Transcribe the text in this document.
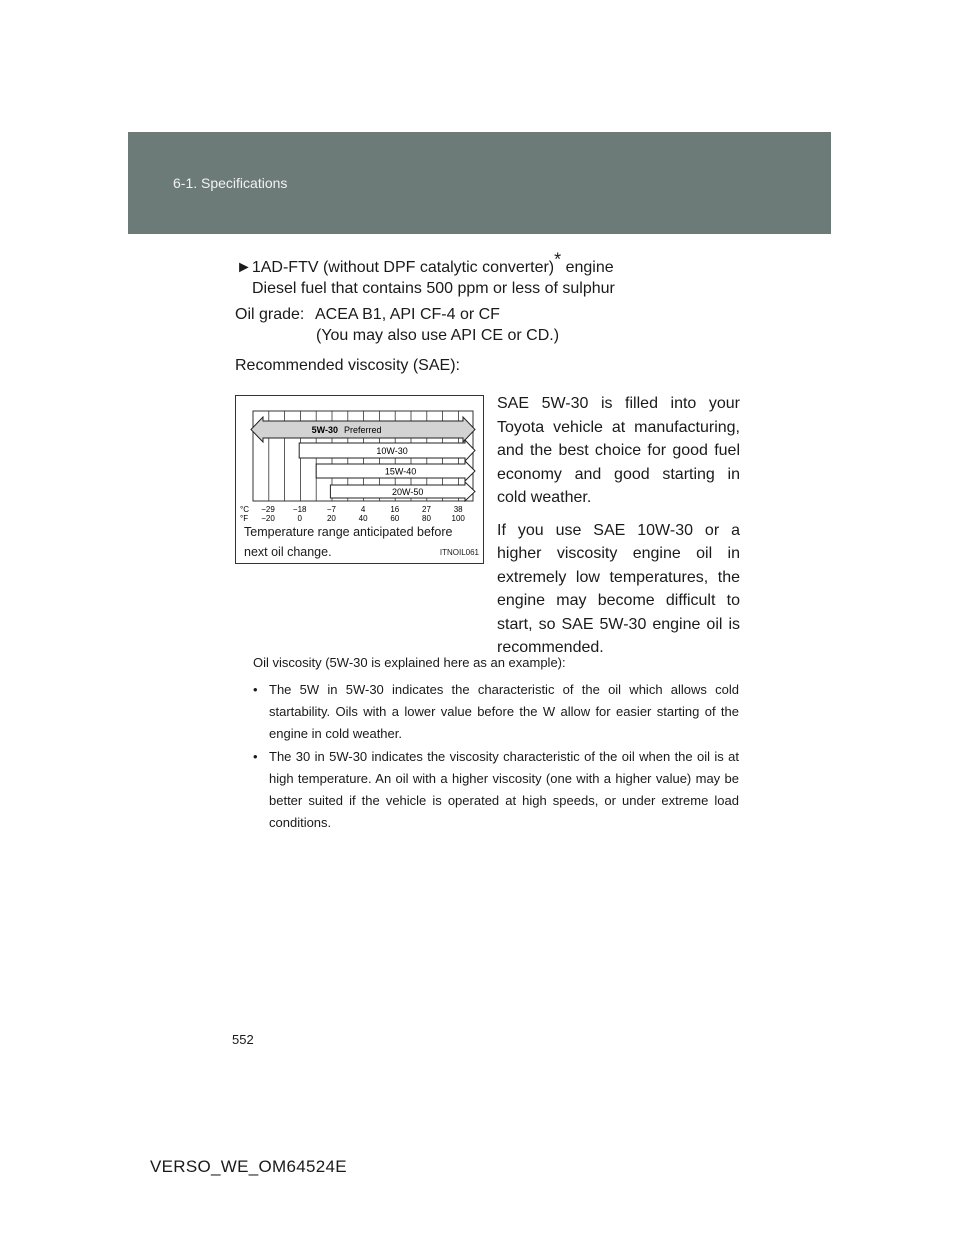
6-1. Specifications
►1AD-FTV (without DPF catalytic converter)* engine
Diesel fuel that contains 500 ppm or less of sulphur
Oil grade: ACEA B1, API CF-4 or CF
(You may also use API CE or CD.)
Recommended viscosity (SAE):
5W-30 Preferred
10W-30
15W-40
20W-50
°C
°F
−29
−20
−18
0
−7
20
4
40
16
60
27
80
38
100
Temperature range anticipated before
next oil change.	ITNOIL061

SAE 5W-30 is filled into your Toyota vehicle at manufacturing, and the best choice for good fuel economy and good starting in cold weather.

If you use SAE 10W-30 or a higher viscosity engine oil in extremely low temperatures, the engine may become difficult to start, so SAE 5W-30 engine oil is recommended.

Oil viscosity (5W-30 is explained here as an example):
• The 5W in 5W-30 indicates the characteristic of the oil which allows cold startability. Oils with a lower value before the W allow for easier starting of the engine in cold weather.
• The 30 in 5W-30 indicates the viscosity characteristic of the oil when the oil is at high temperature. An oil with a higher viscosity (one with a higher value) may be better suited if the vehicle is operated at high speeds, or under extreme load conditions.
552
VERSO_WE_OM64524E
